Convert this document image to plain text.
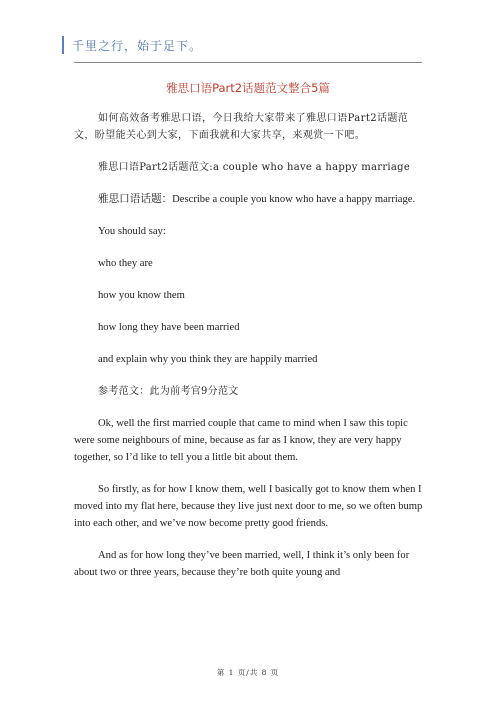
千里之行，始于足下。
雅思口语Part2话题范文整合5篇

如何高效备考雅思口语，今日我给大家带来了雅思口语Part2话题范文，盼望能关心到大家，下面我就和大家共享，来观赏一下吧。

雅思口语Part2话题范文:a couple who have a happy marriage

雅思口语话题：Describe a couple you know who have a happy marriage.

You should say:

who they are

how you know them

how long they have been married

and explain why you think they are happily married

参考范文：此为前考官9分范文

Ok, well the first married couple that came to mind when I saw this topic were some neighbours of mine, because as far as I know, they are very happy together, so I’d like to tell you a little bit about them.

So firstly, as for how I know them, well I basically got to know them when I moved into my flat here, because they live just next door to me, so we often bump into each other, and we’ve now become pretty good friends.

And as for how long they’ve been married, well, I think it’s only been for about two or three years, because they’re both quite young and

第 1 页/共 8 页
